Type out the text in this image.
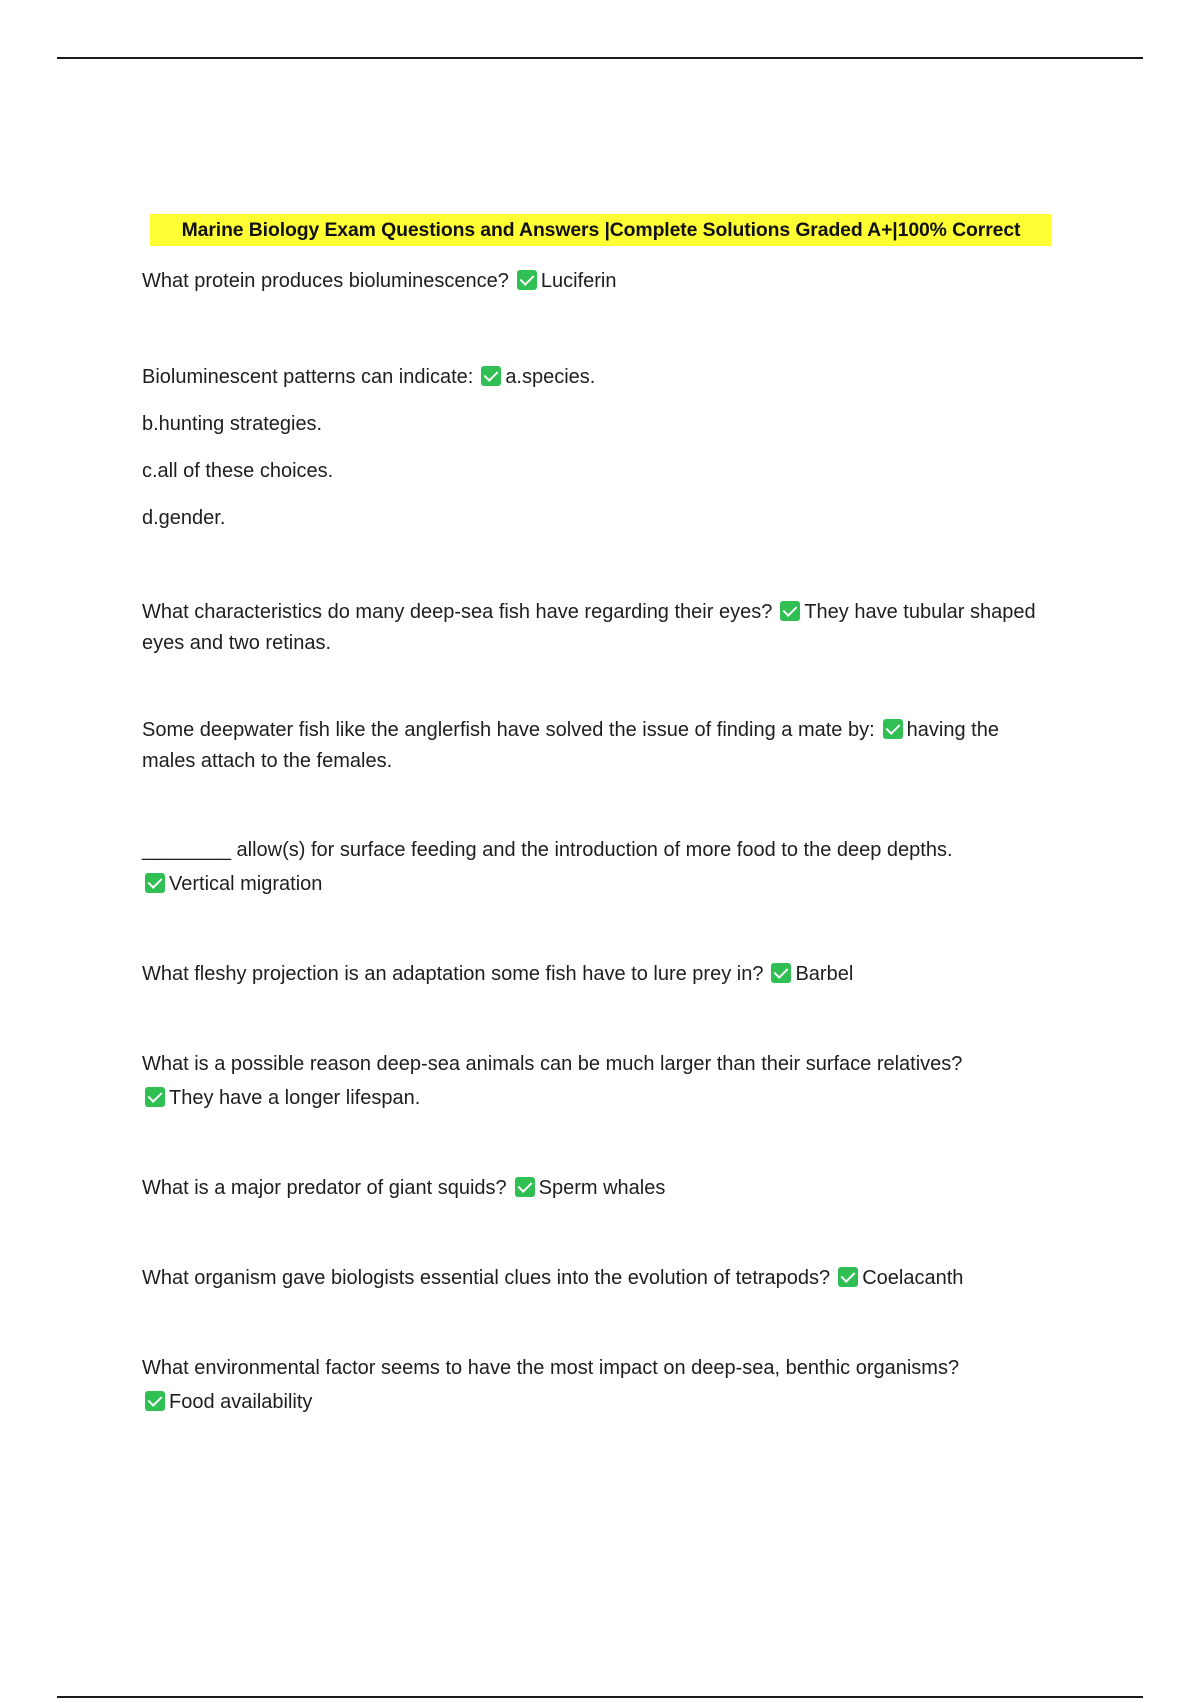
Marine Biology Exam Questions and Answers |Complete Solutions Graded A+|100% Correct
What protein produces bioluminescence? Luciferin
Bioluminescent patterns can indicate: a.species.
b.hunting strategies.
c.all of these choices.
d.gender.
What characteristics do many deep-sea fish have regarding their eyes? They have tubular shaped eyes and two retinas.
Some deepwater fish like the anglerfish have solved the issue of finding a mate by: having the males attach to the females.
________ allow(s) for surface feeding and the introduction of more food to the deep depths.
Vertical migration
What fleshy projection is an adaptation some fish have to lure prey in? Barbel
What is a possible reason deep-sea animals can be much larger than their surface relatives?
They have a longer lifespan.
What is a major predator of giant squids? Sperm whales
What organism gave biologists essential clues into the evolution of tetrapods? Coelacanth
What environmental factor seems to have the most impact on deep-sea, benthic organisms?
Food availability
